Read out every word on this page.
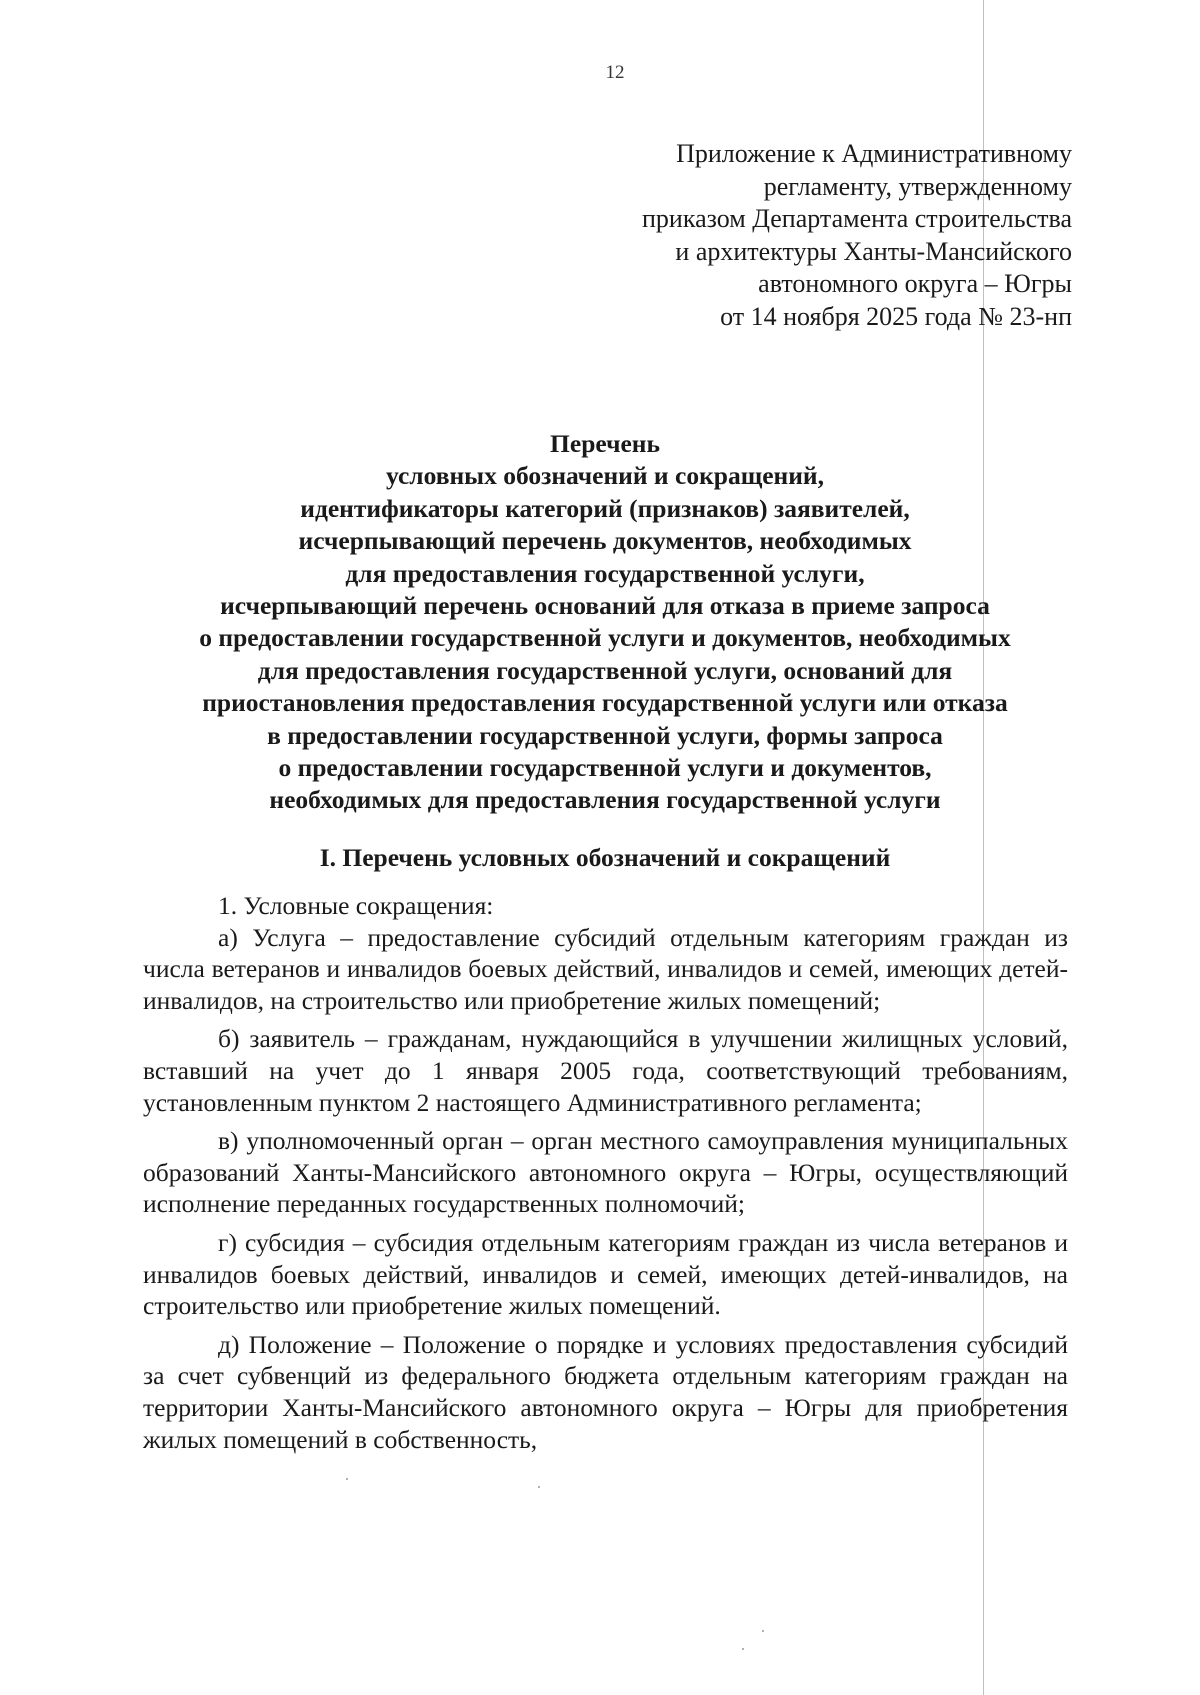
12
Приложение к Административному
регламенту, утвержденному
приказом Департамента строительства
и архитектуры Ханты-Мансийского
автономного округа – Югры
от 14 ноября 2025 года № 23-нп
Перечень
условных обозначений и сокращений,
идентификаторы категорий (признаков) заявителей,
исчерпывающий перечень документов, необходимых
для предоставления государственной услуги,
исчерпывающий перечень оснований для отказа в приеме запроса
о предоставлении государственной услуги и документов, необходимых
для предоставления государственной услуги, оснований для
приостановления предоставления государственной услуги или отказа
в предоставлении государственной услуги, формы запроса
о предоставлении государственной услуги и документов,
необходимых для предоставления государственной услуги
I. Перечень условных обозначений и сокращений
1. Условные сокращения:
а) Услуга – предоставление субсидий отдельным категориям граждан из числа ветеранов и инвалидов боевых действий, инвалидов и семей, имеющих детей-инвалидов, на строительство или приобретение жилых помещений;
б) заявитель – гражданам, нуждающийся в улучшении жилищных условий, вставший на учет до 1 января 2005 года, соответствующий требованиям, установленным пунктом 2 настоящего Административного регламента;
в) уполномоченный орган – орган местного самоуправления муниципальных образований Ханты-Мансийского автономного округа – Югры, осуществляющий исполнение переданных государственных полномочий;
г) субсидия – субсидия отдельным категориям граждан из числа ветеранов и инвалидов боевых действий, инвалидов и семей, имеющих детей-инвалидов, на строительство или приобретение жилых помещений.
д) Положение – Положение о порядке и условиях предоставления субсидий за счет субвенций из федерального бюджета отдельным категориям граждан на территории Ханты-Мансийского автономного округа – Югры для приобретения жилых помещений в собственность,
